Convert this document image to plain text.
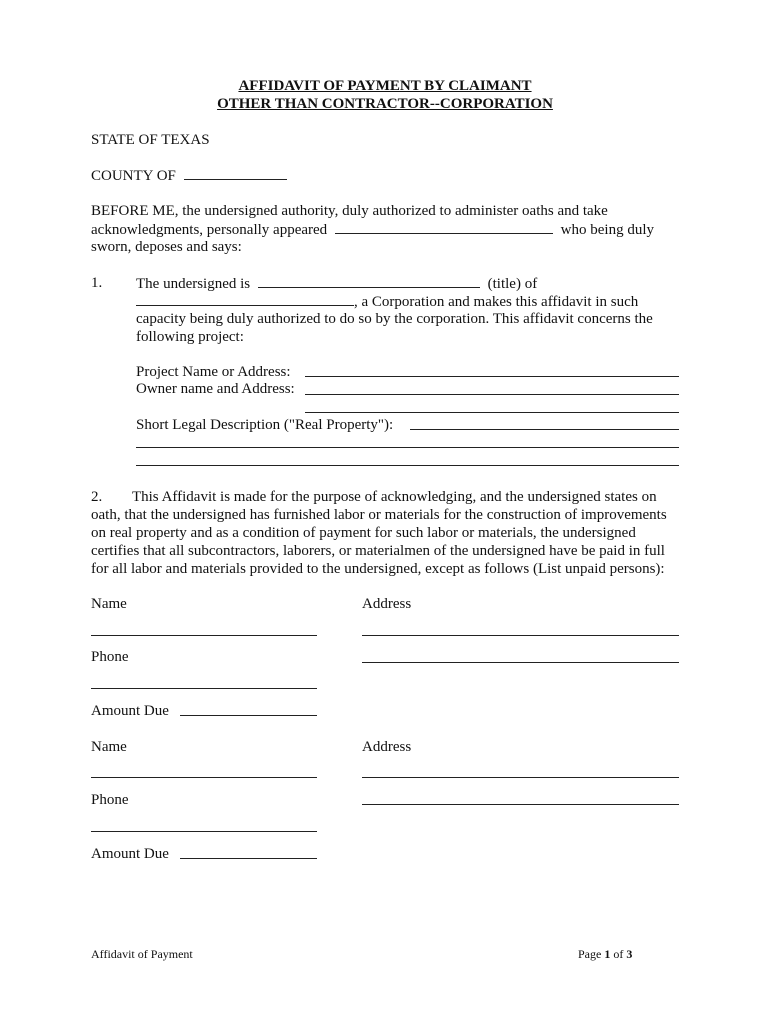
AFFIDAVIT OF PAYMENT BY CLAIMANT
OTHER THAN CONTRACTOR--CORPORATION
STATE OF TEXAS
COUNTY OF
BEFORE ME, the undersigned authority, duly authorized to administer oaths and take
acknowledgments, personally appeared	who being duly
sworn, deposes and says:
1. The undersigned is	(title) of
, a Corporation and makes this affidavit in such
capacity being duly authorized to do so by the corporation. This affidavit concerns the
following project:
Project Name or Address:
Owner name and Address:
Short Legal Description ("Real Property"):
2.        This Affidavit is made for the purpose of acknowledging, and the undersigned states on
oath, that the undersigned has furnished labor or materials for the construction of improvements
on real property and as a condition of payment for such labor or materials, the undersigned
certifies that all subcontractors, laborers, or materialmen of the undersigned have be paid in full
for all labor and materials provided to the undersigned, except as follows (List unpaid persons):
Name	Address
Phone
Amount Due
Name	Address
Phone
Amount Due
Affidavit of Payment	Page 1 of 3
